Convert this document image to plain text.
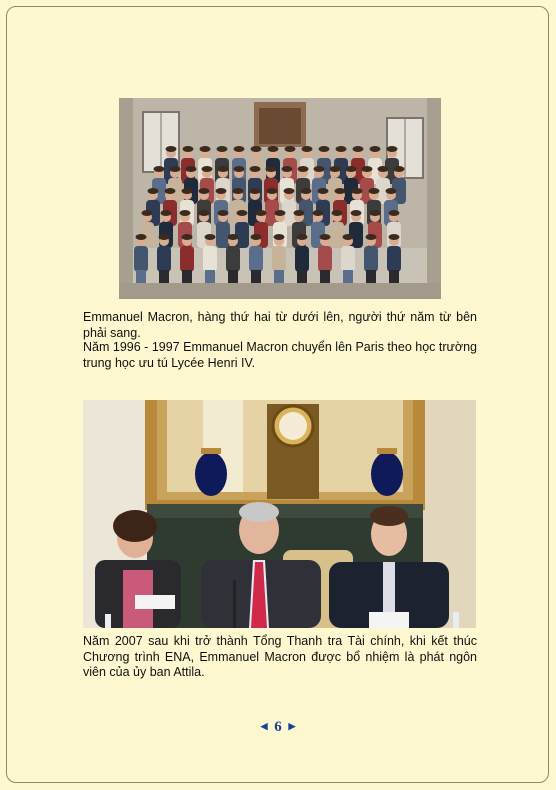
Emmanuel Macron, hàng thứ hai từ dưới lên, người thứ năm từ bên phải sang.

Năm 1996 - 1997 Emmanuel Macron chuyển lên Paris theo học trường trung học ưu tú Lycée Henri IV.

Năm 2007 sau khi trở thành Tổng Thanh tra Tài chính, khi kết thúc Chương trình ENA, Emmanuel Macron được bổ nhiệm là phát ngôn viên của ủy ban Attila.

◀ 6 ▶
